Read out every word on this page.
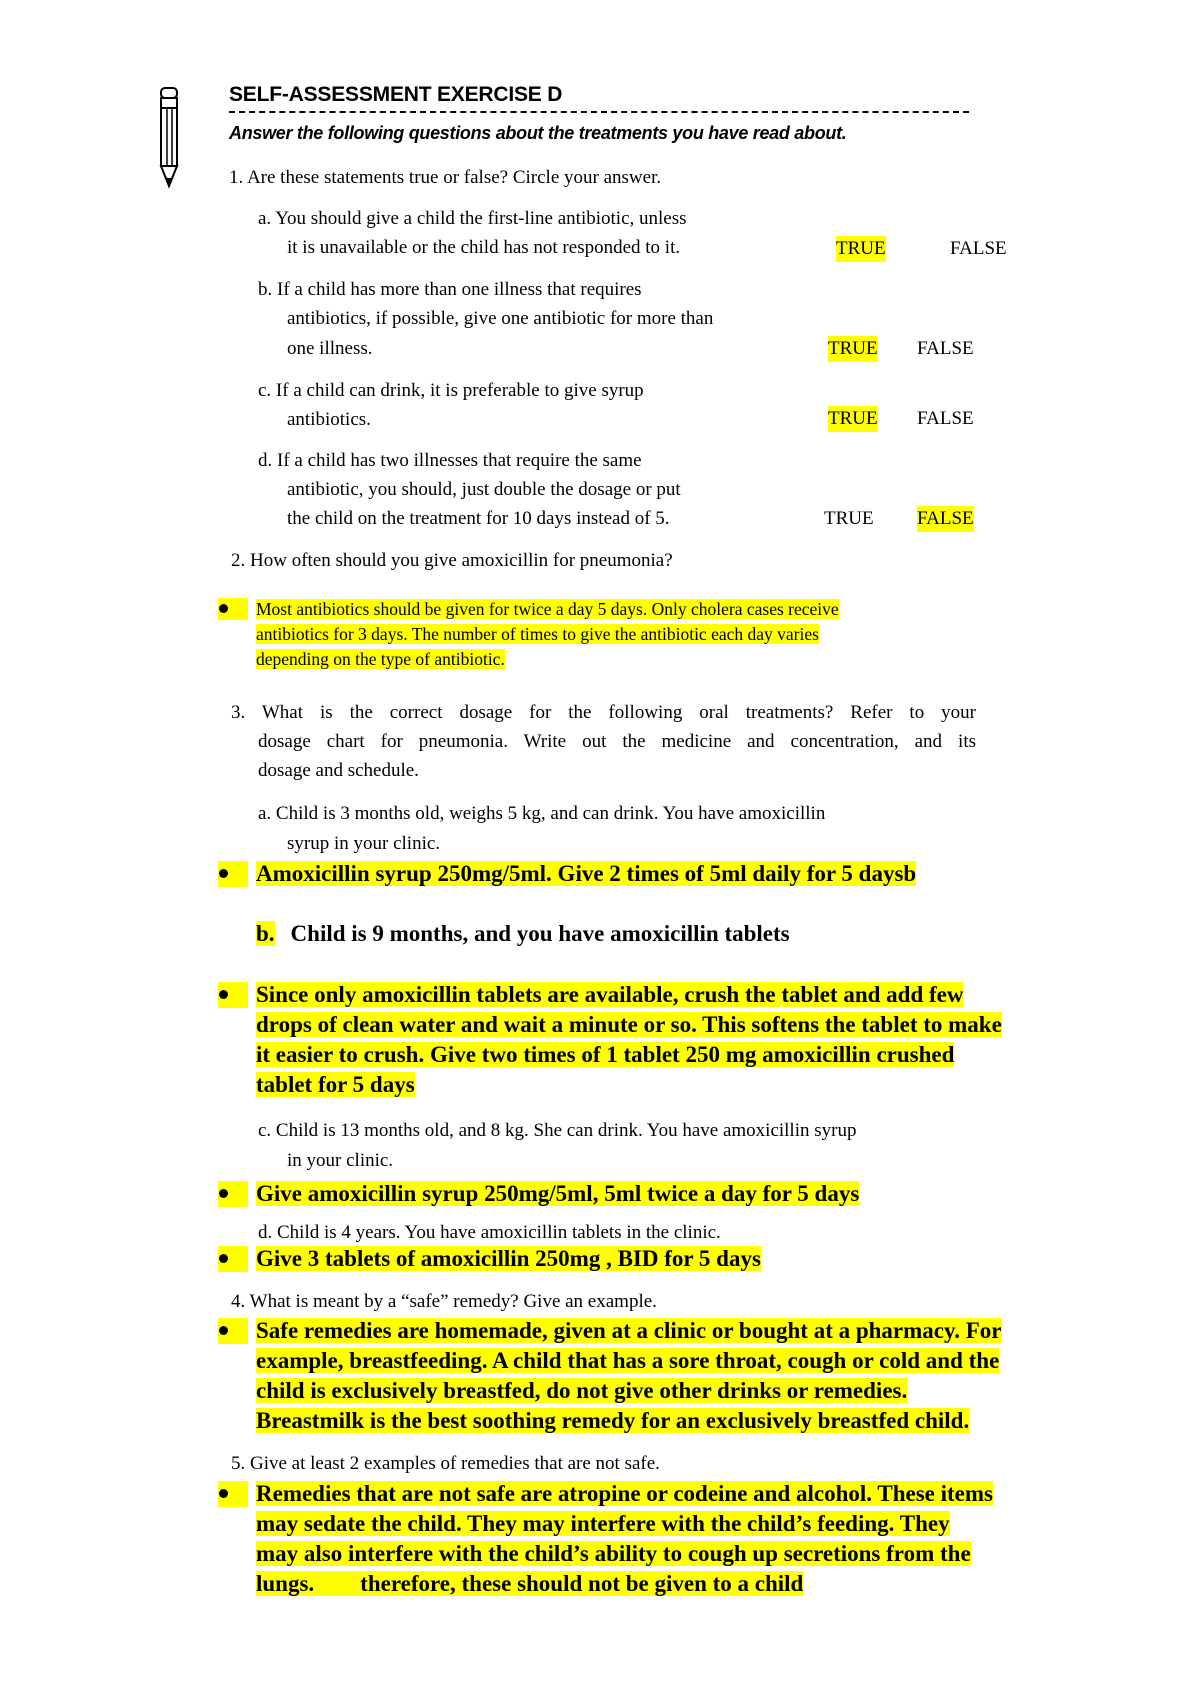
SELF-ASSESSMENT EXERCISE D
Answer the following questions about the treatments you have read about.
1. Are these statements true or false? Circle your answer.
a. You should give a child the first-line antibiotic, unless
it is unavailable or the child has not responded to it.	TRUE	FALSE
b. If a child has more than one illness that requires
antibiotics, if possible, give one antibiotic for more than
one illness.	TRUE FALSE
c. If a child can drink, it is preferable to give syrup
antibiotics.	TRUE FALSE
d. If a child has two illnesses that require the same
antibiotic, you should, just double the dosage or put
the child on the treatment for 10 days instead of 5.	TRUE FALSE
2. How often should you give amoxicillin for pneumonia?
Most antibiotics should be given for twice a day 5 days. Only cholera cases receive
antibiotics for 3 days. The number of times to give the antibiotic each day varies
depending on the type of antibiotic.
3. What is the correct dosage for the following oral treatments? Refer to your
dosage chart for pneumonia. Write out the medicine and concentration, and its
dosage and schedule.
a. Child is 3 months old, weighs 5 kg, and can drink. You have amoxicillin
syrup in your clinic.
Amoxicillin syrup 250mg/5ml. Give 2 times of 5ml daily for 5 daysb
b. Child is 9 months, and you have amoxicillin tablets
Since only amoxicillin tablets are available, crush the tablet and add few
drops of clean water and wait a minute or so. This softens the tablet to make
it easier to crush. Give two times of 1 tablet 250 mg amoxicillin crushed
tablet for 5 days
c. Child is 13 months old, and 8 kg. She can drink. You have amoxicillin syrup
in your clinic.
Give amoxicillin syrup 250mg/5ml, 5ml twice a day for 5 days
d. Child is 4 years. You have amoxicillin tablets in the clinic.
Give 3 tablets of amoxicillin 250mg , BID for 5 days
4. What is meant by a “safe” remedy? Give an example.
Safe remedies are homemade, given at a clinic or bought at a pharmacy. For
example, breastfeeding. A child that has a sore throat, cough or cold and the
child is exclusively breastfed, do not give other drinks or remedies.
Breastmilk is the best soothing remedy for an exclusively breastfed child.
5. Give at least 2 examples of remedies that are not safe.
Remedies that are not safe are atropine or codeine and alcohol. These items
may sedate the child. They may interfere with the child’s feeding. They
may also interfere with the child’s ability to cough up secretions from the
lungs.        therefore, these should not be given to a child
